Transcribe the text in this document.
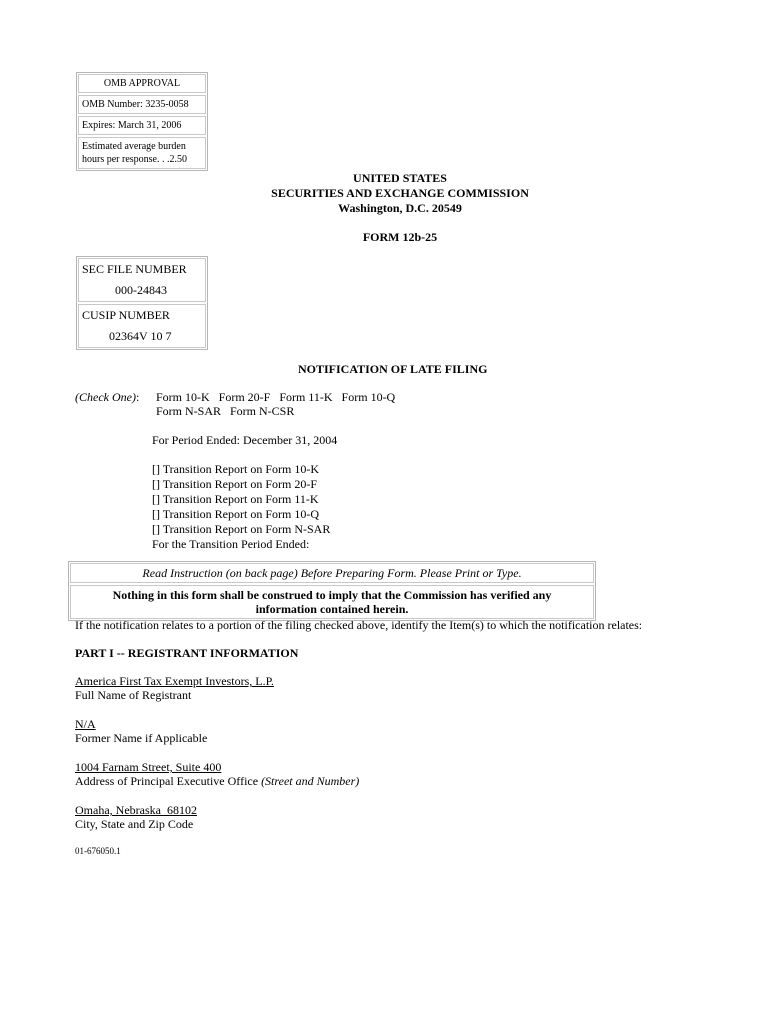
OMB APPROVAL
OMB Number: 3235-0058
Expires: March 31, 2006
Estimated average burden
hours per response. . .2.50
UNITED STATES
SECURITIES AND EXCHANGE COMMISSION
Washington, D.C. 20549
FORM 12b-25
SEC FILE NUMBER
000-24843
CUSIP NUMBER
02364V 10 7
NOTIFICATION OF LATE FILING
(Check One): Form 10-K   Form 20-F   Form 11-K   Form 10-Q
Form N-SAR   Form N-CSR
For Period Ended: December 31, 2004
[] Transition Report on Form 10-K
[] Transition Report on Form 20-F
[] Transition Report on Form 11-K
[] Transition Report on Form 10-Q
[] Transition Report on Form N-SAR
For the Transition Period Ended:
Read Instruction (on back page) Before Preparing Form. Please Print or Type.
Nothing in this form shall be construed to imply that the Commission has verified any
information contained herein.
If the notification relates to a portion of the filing checked above, identify the Item(s) to which the notification relates:
PART I -- REGISTRANT INFORMATION
America First Tax Exempt Investors, L.P.
Full Name of Registrant
N/A
Former Name if Applicable
1004 Farnam Street, Suite 400
Address of Principal Executive Office (Street and Number)
Omaha, Nebraska  68102
City, State and Zip Code
01-676050.1
